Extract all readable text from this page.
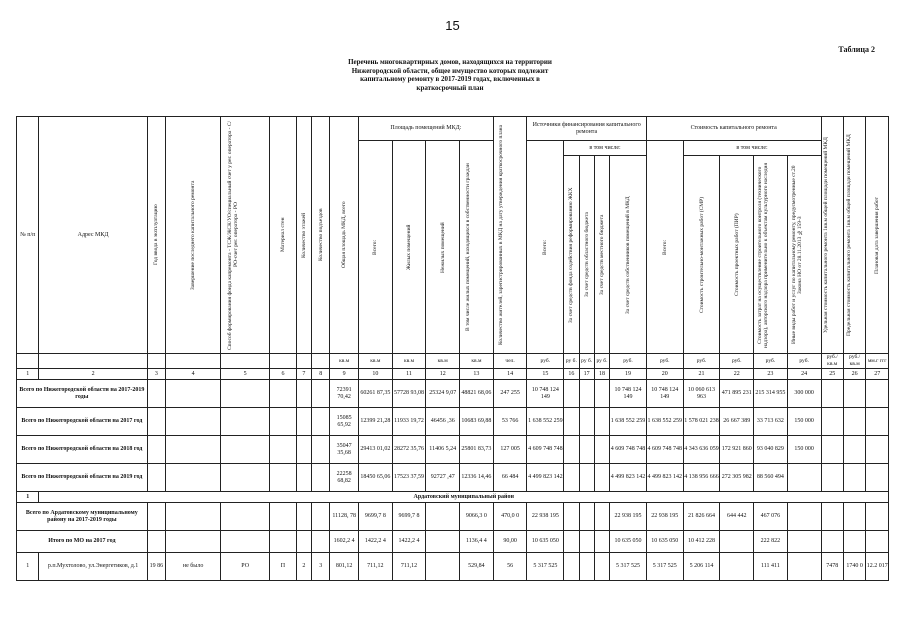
15
Таблица 2
Перечень многоквартирных домов, находящихся на территории
Нижегородской области, общее имущество которых подлежит
капитальному ремонту в 2017-2019 годах, включенных в
краткосрочный план
№ п/п	Адрес МКД	Год ввода в эксплуатацию	Завершение последнего капитального ремонта	Способ формирования фонда капремонта - ТСЖ/ЖСК/УО/специальный счет у рег. оператора - С/РО-счет рег. оператора - РО	Материал стен	Количество этажей	Количество подъездов	Общая площадь МКД, всего	Площадь помещений МКД:				Количество жителей, зарегистрированных в МКД на дату утверждения краткосрочного плана	Источники финансирования капитального ремонта					Стоимость капитального ремонта					Удельная стоимость капитального ремонта 1кв.м общей площади помещений МКД	Предельная стоимость капитального ремонта 1кв.м общей площади помещений МКД	Плановая дата завершения работ

									Всего:	Жилых помещений	Нежилых помещений	В том числе жилых помещений, находящихся в собственности граждан		Всего:	в том числе:				Всего:	в том числе:						

															За счет средств фонда содействия реформированию ЖКХ	За счет средств областного бюджета	За счет средств местного бюджета	За счет средств собственников помещений в МКД		Стоимость строительно-монтажных работ (СМР)	Стоимость проектных работ (ПИР)	Стоимость затрат на осуществление строительного контроля (технического надзора), авторского надзора применительно к объектам культурного наследия	Иные виды работ и услуг по капитальному ремонту, предусмотренные ст.20 Закона НО от 28.11.2013 №159-З			

								кв.м	кв.м	кв.м	кв.м	кв.м	чел.	руб.	ру б.	ру б.	ру б.	руб.	руб.	руб.	руб.	руб.	руб.	руб./ кв.м	руб./ кв.м	мм.г ггг
1	2	3	4	5	6	7	8	9	10	11	12	13	14	15	16	17	18	19	20	21	22	23	24	25	26	27
Всего по Нижегородской области на 2017-2019 годы								72391 70,42	60261 87,35	57728 93,08	25324 9,07	48821 68,06	247 255	10 748 124 149				10 748 124 149	10 748 124 149	10 060 613 963	471 895 231	215 314 955	300 000			
Всего по Нижегородской области на 2017 год								15085 65,92	12399 21,28	11933 19,72	46456 ,36	10683 69,88	53 766	1 638 552 259				1 638 552 259	1 638 552 259	1 578 021 238	26 667 389	33 713 632	150 000			
Всего по Нижегородской области на 2018 год								35047 35,68	29413 01,02	28272 35,76	11406 5,24	25801 83,73	127 005	4 609 748 748				4 609 748 748	4 609 748 748	4 343 636 059	172 921 860	93 040 829	150 000			
Всего по Нижегородской области на 2019 год								22258 68,82	18450 65,06	17523 37,59	92727 ,47	12336 14,46	66 484	4 499 823 142				4 499 823 142	4 499 823 142	4 138 956 666	272 305 982	88 560 494				
1	Ардатовский муниципальный район																									
Всего по Ардатовскому муниципальному району на 2017-2019 годы								11128, 78	9699,7 8	9699,7 8		9066,3 0	470,0 0	22 938 195				22 938 195	22 938 195	21 826 664	644 442	467 076				
Итого по МО на 2017 год								1602,2 4	1422,2 4	1422,2 4		1136,4 4	90,00	10 635 050				10 635 050	10 635 050	10 412 228		222 822				
1	р.п.Мухтолово, ул.Энергетиков, д.1	19 86	не было	РО	П	2	3	801,12	711,12	711,12		529,84	56	5 317 525				5 317 525	5 317 525	5 206 114		111 411		7478	1740 0	12.2 017
